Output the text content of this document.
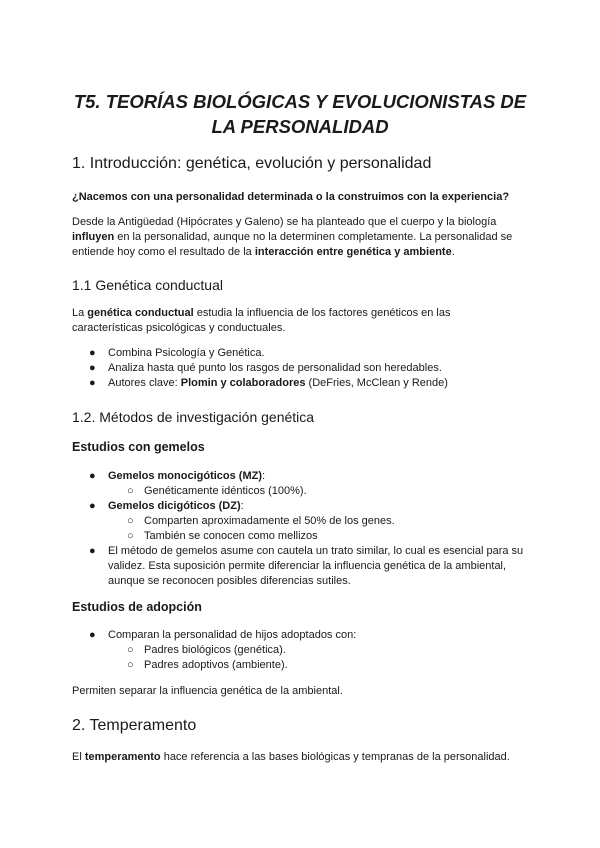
T5. TEORÍAS BIOLÓGICAS Y EVOLUCIONISTAS DE
LA PERSONALIDAD
1. Introducción: genética, evolución y personalidad
¿Nacemos con una personalidad determinada o la construimos con la experiencia?
Desde la Antigüedad (Hipócrates y Galeno) se ha planteado que el cuerpo y la biología
influyen en la personalidad, aunque no la determinen completamente. La personalidad se
entiende hoy como el resultado de la interacción entre genética y ambiente.
1.1 Genética conductual
La genética conductual estudia la influencia de los factores genéticos en las
características psicológicas y conductuales.
● Combina Psicología y Genética.
● Analiza hasta qué punto los rasgos de personalidad son heredables.
● Autores clave: Plomin y colaboradores (DeFries, McClean y Rende)
1.2. Métodos de investigación genética
Estudios con gemelos
● Gemelos monocigóticos (MZ):
○ Genéticamente idénticos (100%).
● Gemelos dicigóticos (DZ):
○ Comparten aproximadamente el 50% de los genes.
○ También se conocen como mellizos
● El método de gemelos asume con cautela un trato similar, lo cual es esencial para su
validez. Esta suposición permite diferenciar la influencia genética de la ambiental,
aunque se reconocen posibles diferencias sutiles.
Estudios de adopción
● Comparan la personalidad de hijos adoptados con:
○ Padres biológicos (genética).
○ Padres adoptivos (ambiente).
Permiten separar la influencia genética de la ambiental.
2. Temperamento
El temperamento hace referencia a las bases biológicas y tempranas de la personalidad.
